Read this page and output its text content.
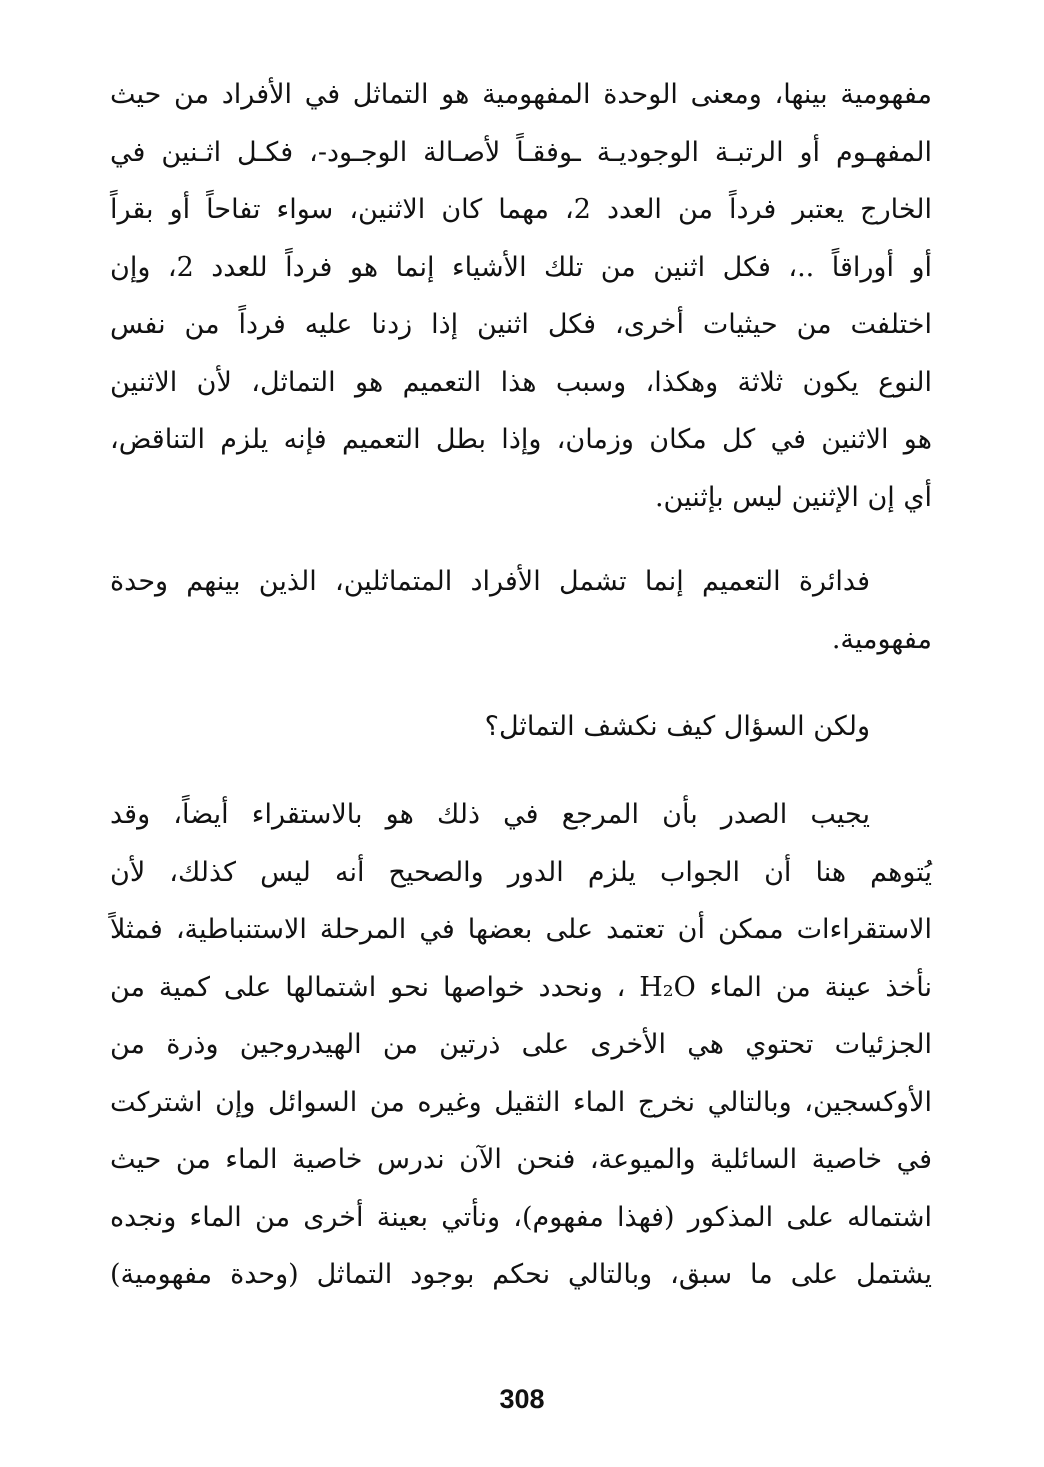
مفهومية بينها، ومعنى الوحدة المفهومية هو التماثل في الأفراد من حيث
المفهـوم أو الرتبـة الوجوديـة ـوفقـاً لأصـالة الوجـود-، فكـل اثـنين في
الخارج يعتبر فرداً من العدد 2، مهما كان الاثنين، سواء تفاحاً أو بقراً
أو أوراقاً ..، فكل اثنين من تلك الأشياء إنما هو فرداً للعدد 2، وإن
اختلفت من حيثيات أخرى، فكل اثنين إذا زدنا عليه فرداً من نفس
النوع يكون ثلاثة وهكذا، وسبب هذا التعميم هو التماثل، لأن الاثنين
هو الاثنين في كل مكان وزمان، وإذا بطل التعميم فإنه يلزم التناقض،
أي إن الإثنين ليس بإثنين.
فدائرة التعميم إنما تشمل الأفراد المتماثلين، الذين بينهم وحدة
مفهومية.
ولكن السؤال كيف نكشف التماثل؟
يجيب الصدر بأن المرجع في ذلك هو بالاستقراء أيضاً، وقد
يُتوهم هنا أن الجواب يلزم الدور والصحيح أنه ليس كذلك، لأن
الاستقراءات ممكن أن تعتمد على بعضها في المرحلة الاستنباطية، فمثلاً
نأخذ عينة من الماء H₂O ، ونحدد خواصها نحو اشتمالها على كمية من
الجزئيات تحتوي هي الأخرى على ذرتين من الهيدروجين وذرة من
الأوكسجين، وبالتالي نخرج الماء الثقيل وغيره من السوائل وإن اشتركت
في خاصية السائلية والميوعة، فنحن الآن ندرس خاصية الماء من حيث
اشتماله على المذكور (فهذا مفهوم)، ونأتي بعينة أخرى من الماء ونجده
يشتمل على ما سبق، وبالتالي نحكم بوجود التماثل (وحدة مفهومية)
308
